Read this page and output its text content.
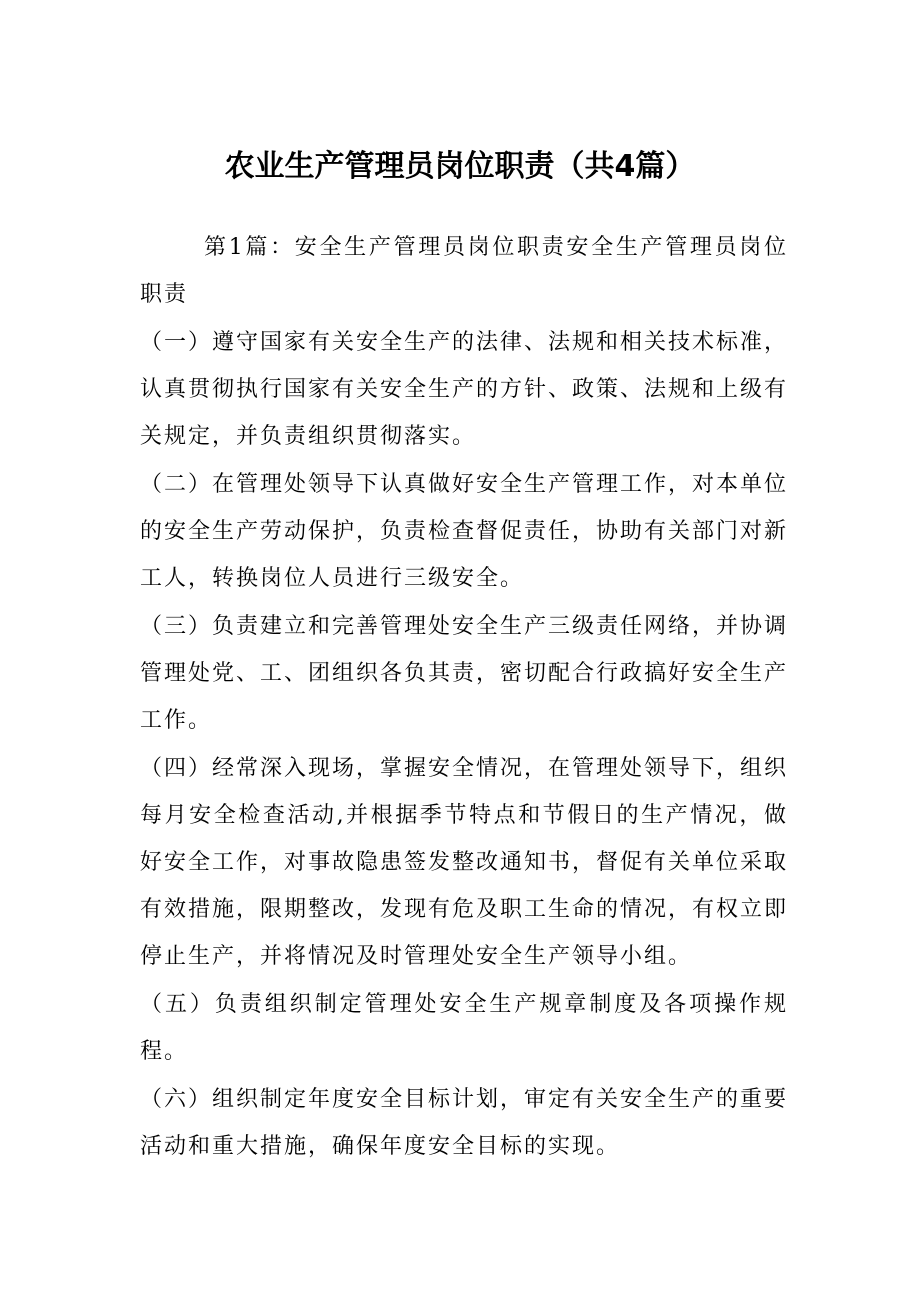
农业生产管理员岗位职责（共4篇）

第1篇：安全生产管理员岗位职责安全生产管理员岗位职责

（一）遵守国家有关安全生产的法律、法规和相关技术标准，认真贯彻执行国家有关安全生产的方针、政策、法规和上级有关规定，并负责组织贯彻落实。

（二）在管理处领导下认真做好安全生产管理工作，对本单位的安全生产劳动保护，负责检查督促责任，协助有关部门对新工人，转换岗位人员进行三级安全。

（三）负责建立和完善管理处安全生产三级责任网络，并协调管理处党、工、团组织各负其责，密切配合行政搞好安全生产工作。

（四）经常深入现场，掌握安全情况，在管理处领导下，组织每月安全检查活动,并根据季节特点和节假日的生产情况，做好安全工作，对事故隐患签发整改通知书，督促有关单位采取有效措施，限期整改，发现有危及职工生命的情况，有权立即停止生产，并将情况及时管理处安全生产领导小组。

（五）负责组织制定管理处安全生产规章制度及各项操作规程。

（六）组织制定年度安全目标计划，审定有关安全生产的重要活动和重大措施，确保年度安全目标的实现。
